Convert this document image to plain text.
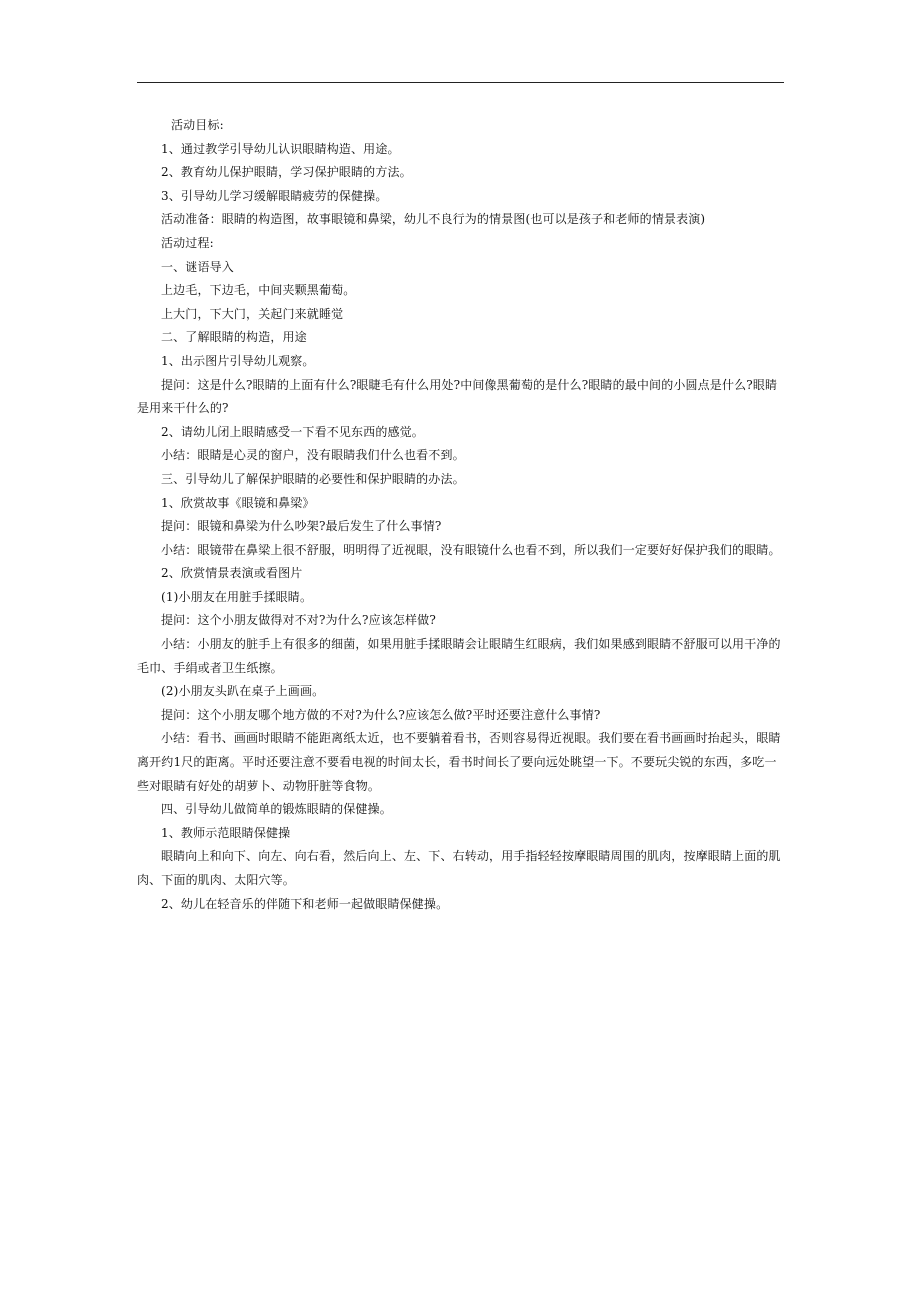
活动目标:

1、通过教学引导幼儿认识眼睛构造、用途。

2、教育幼儿保护眼睛，学习保护眼睛的方法。

3、引导幼儿学习缓解眼睛疲劳的保健操。

活动准备：眼睛的构造图，故事眼镜和鼻梁，幼儿不良行为的情景图(也可以是孩子和老师的情景表演)

活动过程:

一、谜语导入

上边毛，下边毛，中间夹颗黑葡萄。

上大门，下大门，关起门来就睡觉

二、了解眼睛的构造，用途

1、出示图片引导幼儿观察。

提问：这是什么?眼睛的上面有什么?眼睫毛有什么用处?中间像黑葡萄的是什么?眼睛的最中间的小圆点是什么?眼睛是用来干什么的?

2、请幼儿闭上眼睛感受一下看不见东西的感觉。

小结：眼睛是心灵的窗户，没有眼睛我们什么也看不到。

三、引导幼儿了解保护眼睛的必要性和保护眼睛的办法。

1、欣赏故事《眼镜和鼻梁》

提问：眼镜和鼻梁为什么吵架?最后发生了什么事情?

小结：眼镜带在鼻梁上很不舒服，明明得了近视眼，没有眼镜什么也看不到，所以我们一定要好好保护我们的眼睛。

2、欣赏情景表演或看图片

(1)小朋友在用脏手揉眼睛。

提问：这个小朋友做得对不对?为什么?应该怎样做?

小结：小朋友的脏手上有很多的细菌，如果用脏手揉眼睛会让眼睛生红眼病，我们如果感到眼睛不舒服可以用干净的毛巾、手绢或者卫生纸擦。

(2)小朋友头趴在桌子上画画。

提问：这个小朋友哪个地方做的不对?为什么?应该怎么做?平时还要注意什么事情?

小结：看书、画画时眼睛不能距离纸太近，也不要躺着看书，否则容易得近视眼。我们要在看书画画时抬起头，眼睛离开约1尺的距离。平时还要注意不要看电视的时间太长，看书时间长了要向远处眺望一下。不要玩尖锐的东西，多吃一些对眼睛有好处的胡萝卜、动物肝脏等食物。

四、引导幼儿做简单的锻炼眼睛的保健操。

1、教师示范眼睛保健操

眼睛向上和向下、向左、向右看，然后向上、左、下、右转动，用手指轻轻按摩眼睛周围的肌肉，按摩眼睛上面的肌肉、下面的肌肉、太阳穴等。

2、幼儿在轻音乐的伴随下和老师一起做眼睛保健操。
